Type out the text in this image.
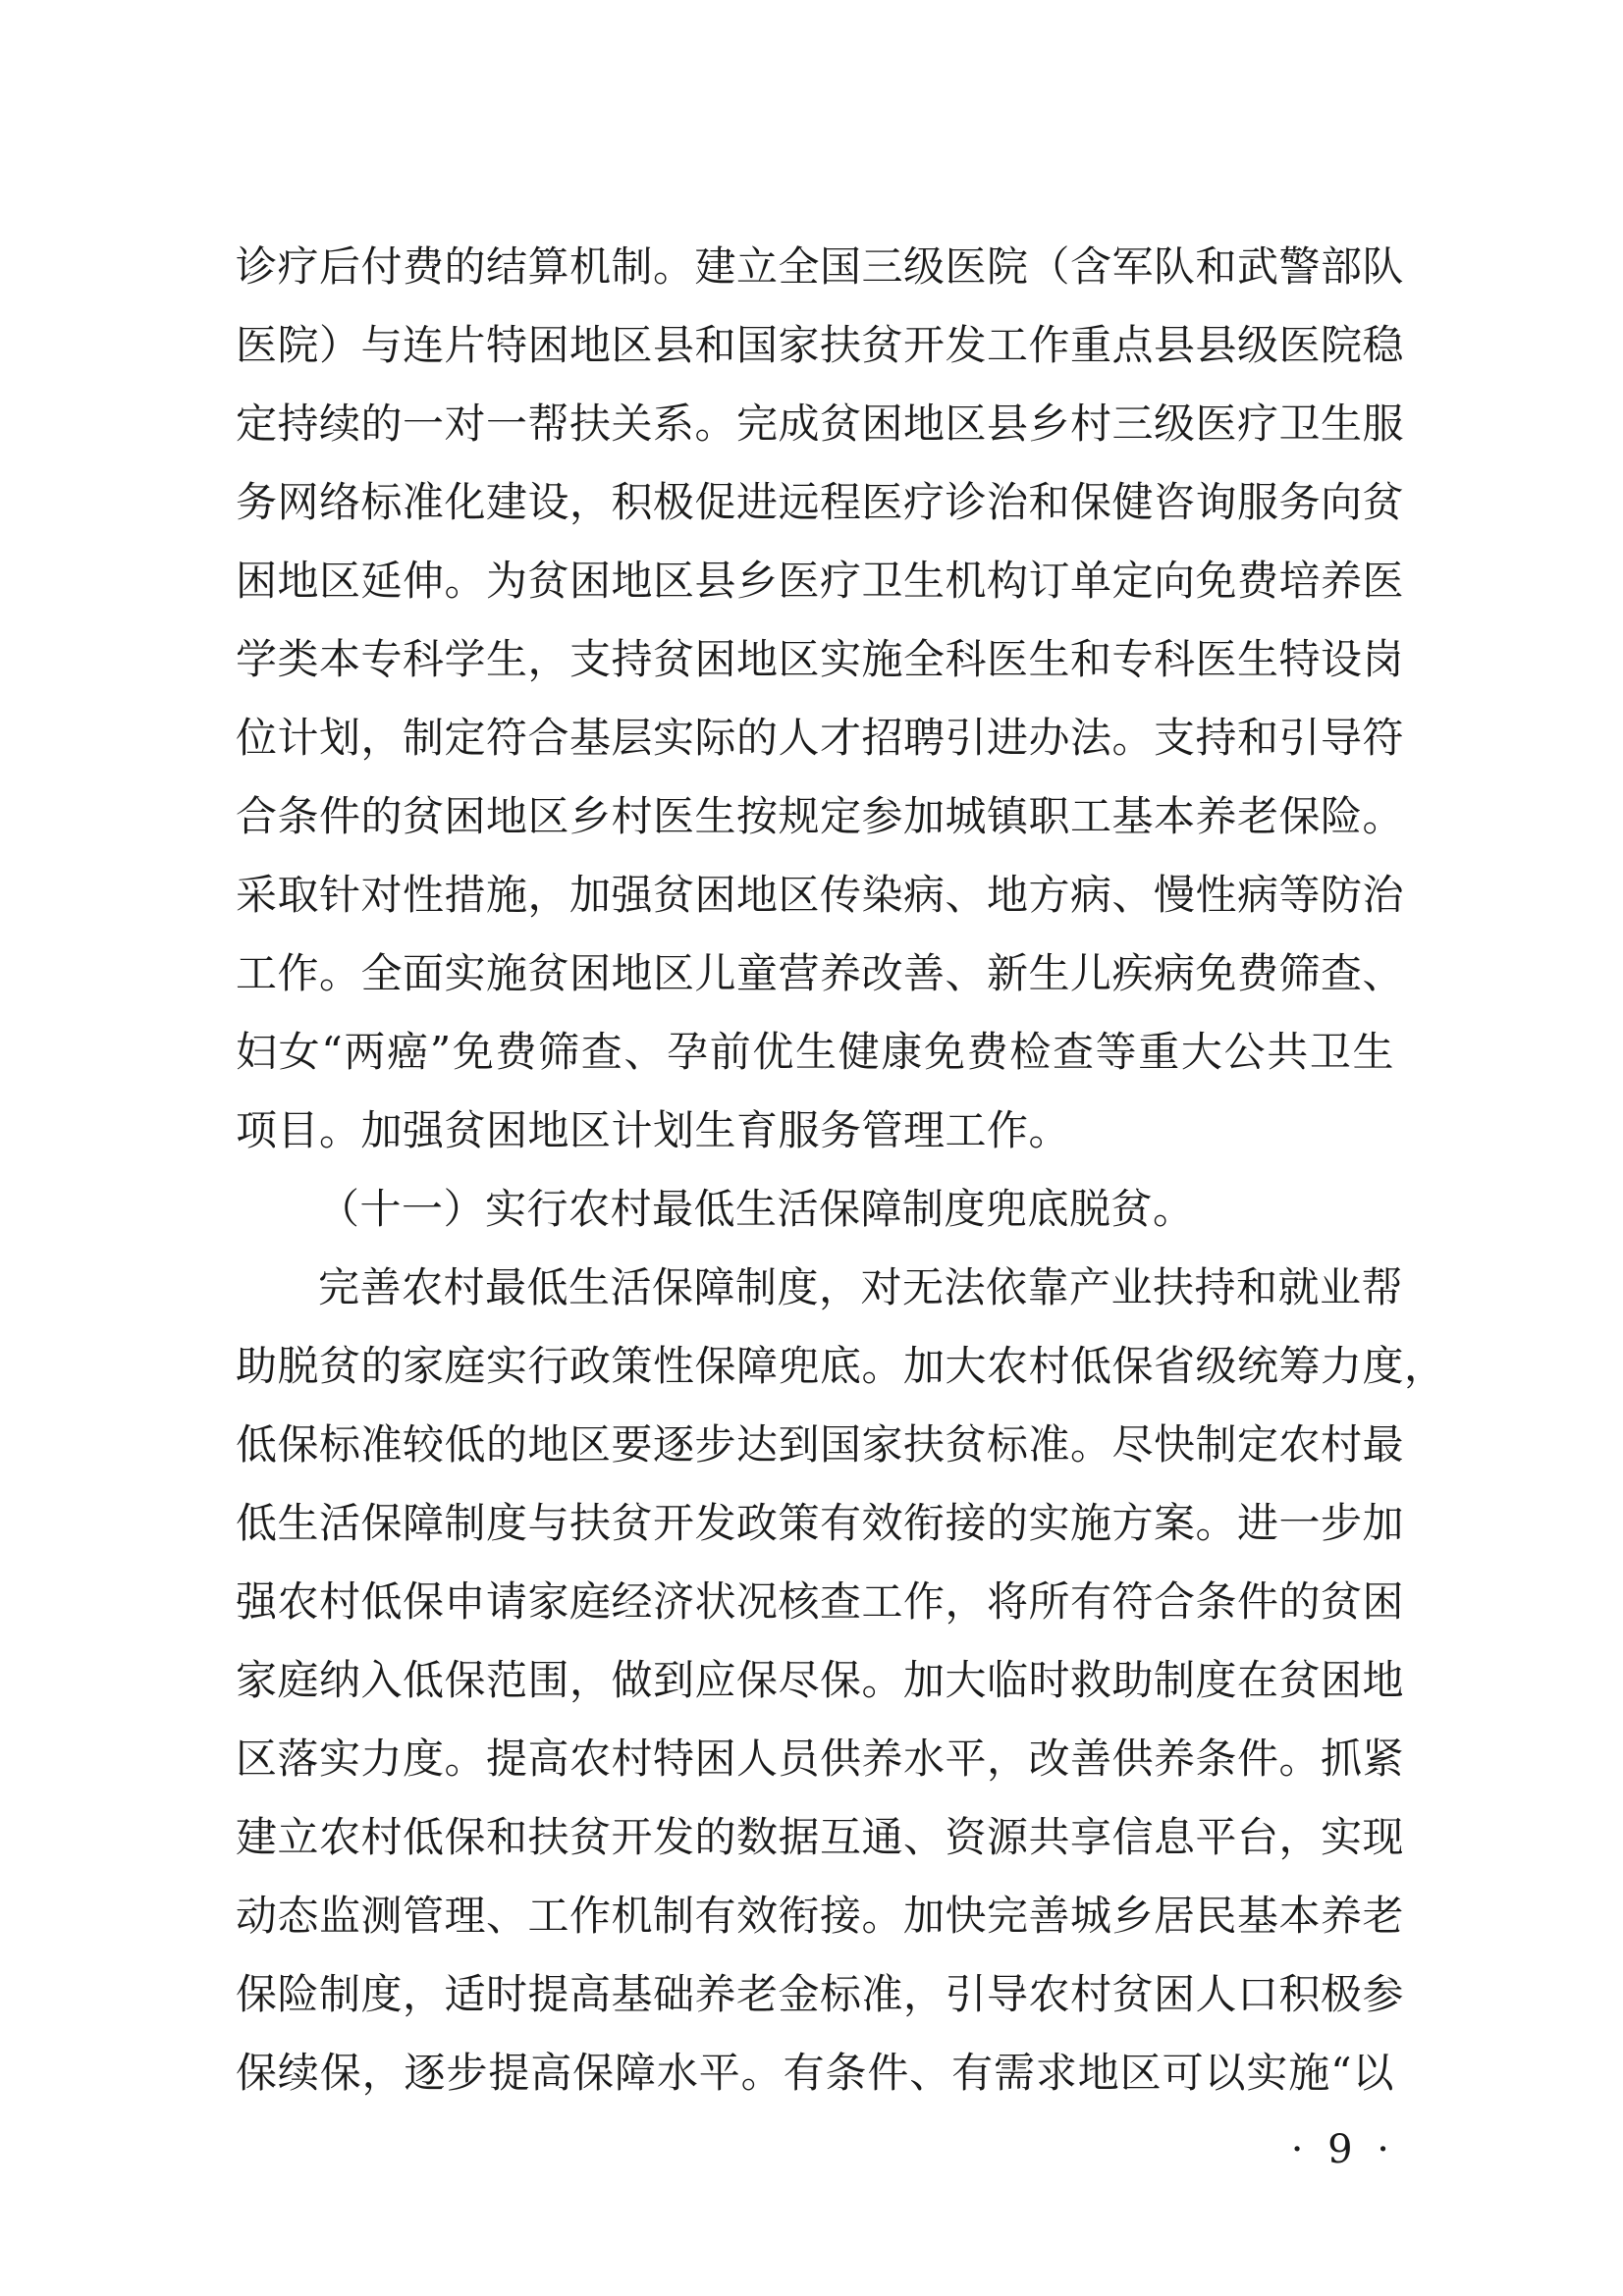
诊疗后付费的结算机制。建立全国三级医院（含军队和武警部队
医院）与连片特困地区县和国家扶贫开发工作重点县县级医院稳
定持续的一对一帮扶关系。完成贫困地区县乡村三级医疗卫生服
务网络标准化建设，积极促进远程医疗诊治和保健咨询服务向贫
困地区延伸。为贫困地区县乡医疗卫生机构订单定向免费培养医
学类本专科学生，支持贫困地区实施全科医生和专科医生特设岗
位计划，制定符合基层实际的人才招聘引进办法。支持和引导符
合条件的贫困地区乡村医生按规定参加城镇职工基本养老保险。
采取针对性措施，加强贫困地区传染病、地方病、慢性病等防治
工作。全面实施贫困地区儿童营养改善、新生儿疾病免费筛查、
妇女“两癌”免费筛查、孕前优生健康免费检查等重大公共卫生
项目。加强贫困地区计划生育服务管理工作。
（十一）实行农村最低生活保障制度兜底脱贫。
完善农村最低生活保障制度，对无法依靠产业扶持和就业帮
助脱贫的家庭实行政策性保障兜底。加大农村低保省级统筹力度，
低保标准较低的地区要逐步达到国家扶贫标准。尽快制定农村最
低生活保障制度与扶贫开发政策有效衔接的实施方案。进一步加
强农村低保申请家庭经济状况核查工作，将所有符合条件的贫困
家庭纳入低保范围，做到应保尽保。加大临时救助制度在贫困地
区落实力度。提高农村特困人员供养水平，改善供养条件。抓紧
建立农村低保和扶贫开发的数据互通、资源共享信息平台，实现
动态监测管理、工作机制有效衔接。加快完善城乡居民基本养老
保险制度，适时提高基础养老金标准，引导农村贫困人口积极参
保续保，逐步提高保障水平。有条件、有需求地区可以实施“以
· 9 ·
